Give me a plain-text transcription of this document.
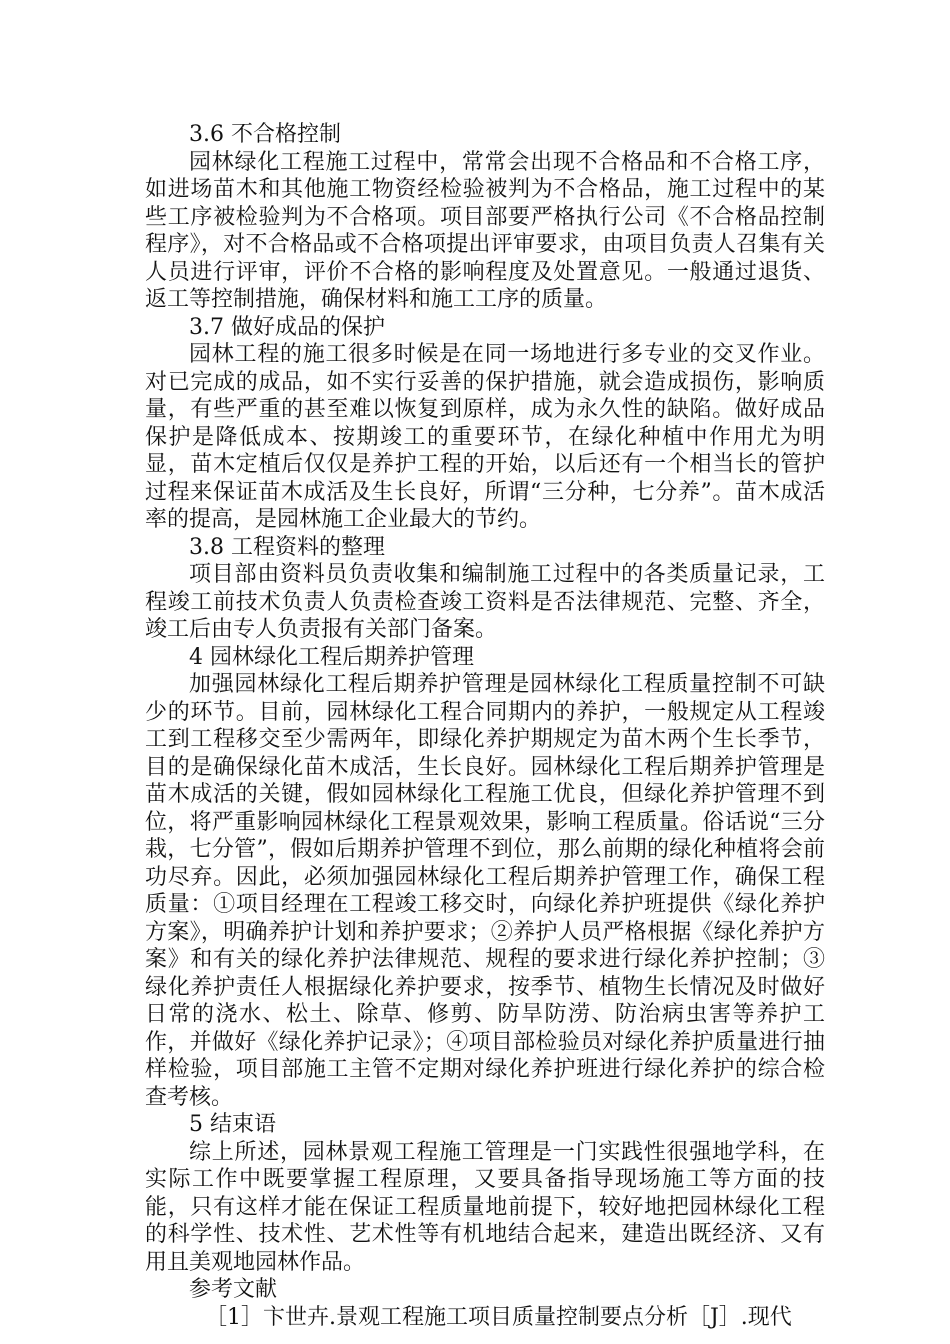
3.6 不合格控制

园林绿化工程施工过程中，常常会出现不合格品和不合格工序，如进场苗木和其他施工物资经检验被判为不合格品，施工过程中的某些工序被检验判为不合格项。项目部要严格执行公司《不合格品控制程序》，对不合格品或不合格项提出评审要求，由项目负责人召集有关人员进行评审，评价不合格的影响程度及处置意见。一般通过退货、返工等控制措施，确保材料和施工工序的质量。

3.7 做好成品的保护

园林工程的施工很多时候是在同一场地进行多专业的交叉作业。对已完成的成品，如不实行妥善的保护措施，就会造成损伤，影响质量，有些严重的甚至难以恢复到原样，成为永久性的缺陷。做好成品保护是降低成本、按期竣工的重要环节，在绿化种植中作用尤为明显，苗木定植后仅仅是养护工程的开始，以后还有一个相当长的管护过程来保证苗木成活及生长良好，所谓“三分种，七分养”。苗木成活率的提高，是园林施工企业最大的节约。

3.8 工程资料的整理

项目部由资料员负责收集和编制施工过程中的各类质量记录，工程竣工前技术负责人负责检查竣工资料是否法律规范、完整、齐全，竣工后由专人负责报有关部门备案。

4 园林绿化工程后期养护管理

加强园林绿化工程后期养护管理是园林绿化工程质量控制不可缺少的环节。目前，园林绿化工程合同期内的养护，一般规定从工程竣工到工程移交至少需两年，即绿化养护期规定为苗木两个生长季节，目的是确保绿化苗木成活，生长良好。园林绿化工程后期养护管理是苗木成活的关键，假如园林绿化工程施工优良，但绿化养护管理不到位，将严重影响园林绿化工程景观效果，影响工程质量。俗话说“三分栽，七分管”，假如后期养护管理不到位，那么前期的绿化种植将会前功尽弃。因此，必须加强园林绿化工程后期养护管理工作，确保工程质量：①项目经理在工程竣工移交时，向绿化养护班提供《绿化养护方案》，明确养护计划和养护要求；②养护人员严格根据《绿化养护方案》和有关的绿化养护法律规范、规程的要求进行绿化养护控制；③绿化养护责任人根据绿化养护要求，按季节、植物生长情况及时做好日常的浇水、松土、除草、修剪、防旱防涝、防治病虫害等养护工作，并做好《绿化养护记录》；④项目部检验员对绿化养护质量进行抽样检验，项目部施工主管不定期对绿化养护班进行绿化养护的综合检查考核。

5 结束语

综上所述，园林景观工程施工管理是一门实践性很强地学科，在实际工作中既要掌握工程原理，又要具备指导现场施工等方面的技能，只有这样才能在保证工程质量地前提下，较好地把园林绿化工程的科学性、技术性、艺术性等有机地结合起来，建造出既经济、又有用且美观地园林作品。

参考文献

［1］卞世卉.景观工程施工项目质量控制要点分析［J］.现代
